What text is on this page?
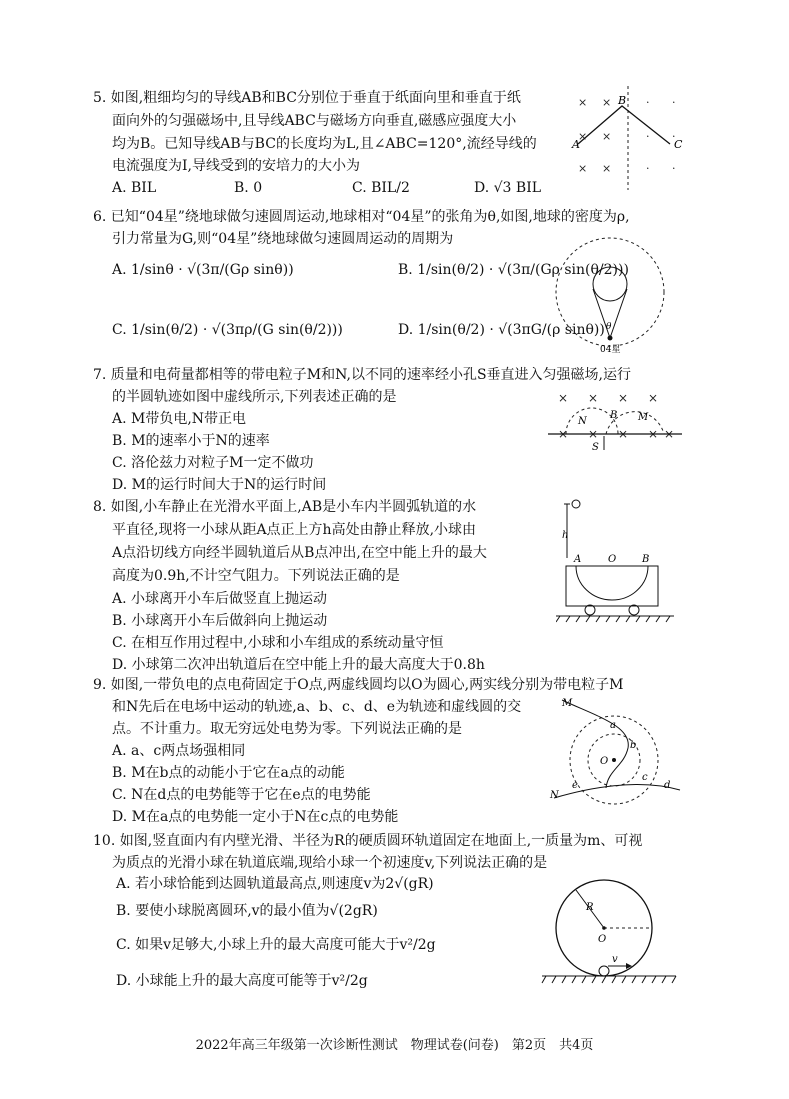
5. 如图,粗细均匀的导线AB和BC分别位于垂直于纸面向里和垂直于纸
面向外的匀强磁场中,且导线ABC与磁场方向垂直,磁感应强度大小
均为B。已知导线AB与BC的长度均为L,且∠ABC=120°,流经导线的
电流强度为I,导线受到的安培力的大小为
A. BIL	B. 0	C. BIL/2	D. √3 BIL
× ×
× ×
× ×
· ·
· ·
· ·
B
A	C
6. 已知“04星”绕地球做匀速圆周运动,地球相对“04星”的张角为θ,如图,地球的密度为ρ,
引力常量为G,则“04星”绕地球做匀速圆周运动的周期为
A. 1/sinθ · √(3π/(Gρ sinθ))	B. 1/sin(θ/2) · √(3π/(Gρ sin(θ/2)))
C. 1/sin(θ/2) · √(3πρ/(G sin(θ/2)))	D. 1/sin(θ/2) · √(3πG/(ρ sinθ)) θ
04星
7. 质量和电荷量都相等的带电粒子M和N,以不同的速率经小孔S垂直进入匀强磁场,运行
的半圆轨迹如图中虚线所示,下列表述正确的是
A. M带负电,N带正电
B. M的速率小于N的速率
C. 洛伦兹力对粒子M一定不做功
D. M的运行时间大于N的运行时间
× × × ×
× × × × ×
N
B M
S
8. 如图,小车静止在光滑水平面上,AB是小车内半圆弧轨道的水
平直径,现将一小球从距A点正上方h高处由静止释放,小球由
A点沿切线方向经半圆轨道后从B点冲出,在空中能上升的最大
高度为0.9h,不计空气阻力。下列说法正确的是
A. 小球离开小车后做竖直上抛运动
B. 小球离开小车后做斜向上抛运动
C. 在相互作用过程中,小球和小车组成的系统动量守恒
D. 小球第二次冲出轨道后在空中能上升的最大高度大于0.8h
h
A	O	B
9. 如图,一带负电的点电荷固定于O点,两虚线圆均以O为圆心,两实线分别为带电粒子M
和N先后在电场中运动的轨迹,a、b、c、d、e为轨迹和虚线圆的交
点。不计重力。取无穷远处电势为零。下列说法正确的是
A. a、c两点场强相同
B. M在b点的动能小于它在a点的动能
C. N在d点的电势能等于它在e点的电势能
D. M在a点的电势能一定小于N在c点的电势能
O
M
N
a
b
c
d
e
10. 如图,竖直面内有内壁光滑、半径为R的硬质圆环轨道固定在地面上,一质量为m、可视
为质点的光滑小球在轨道底端,现给小球一个初速度v,下列说法正确的是
A. 若小球恰能到达圆轨道最高点,则速度v为2√(gR)
B. 要使小球脱离圆环,v的最小值为√(2gR)
C. 如果v足够大,小球上升的最大高度可能大于v²/2g
D. 小球能上升的最大高度可能等于v²/2g
R
O
v
2022年高三年级第一次诊断性测试　物理试卷(问卷)　第2页　共4页
